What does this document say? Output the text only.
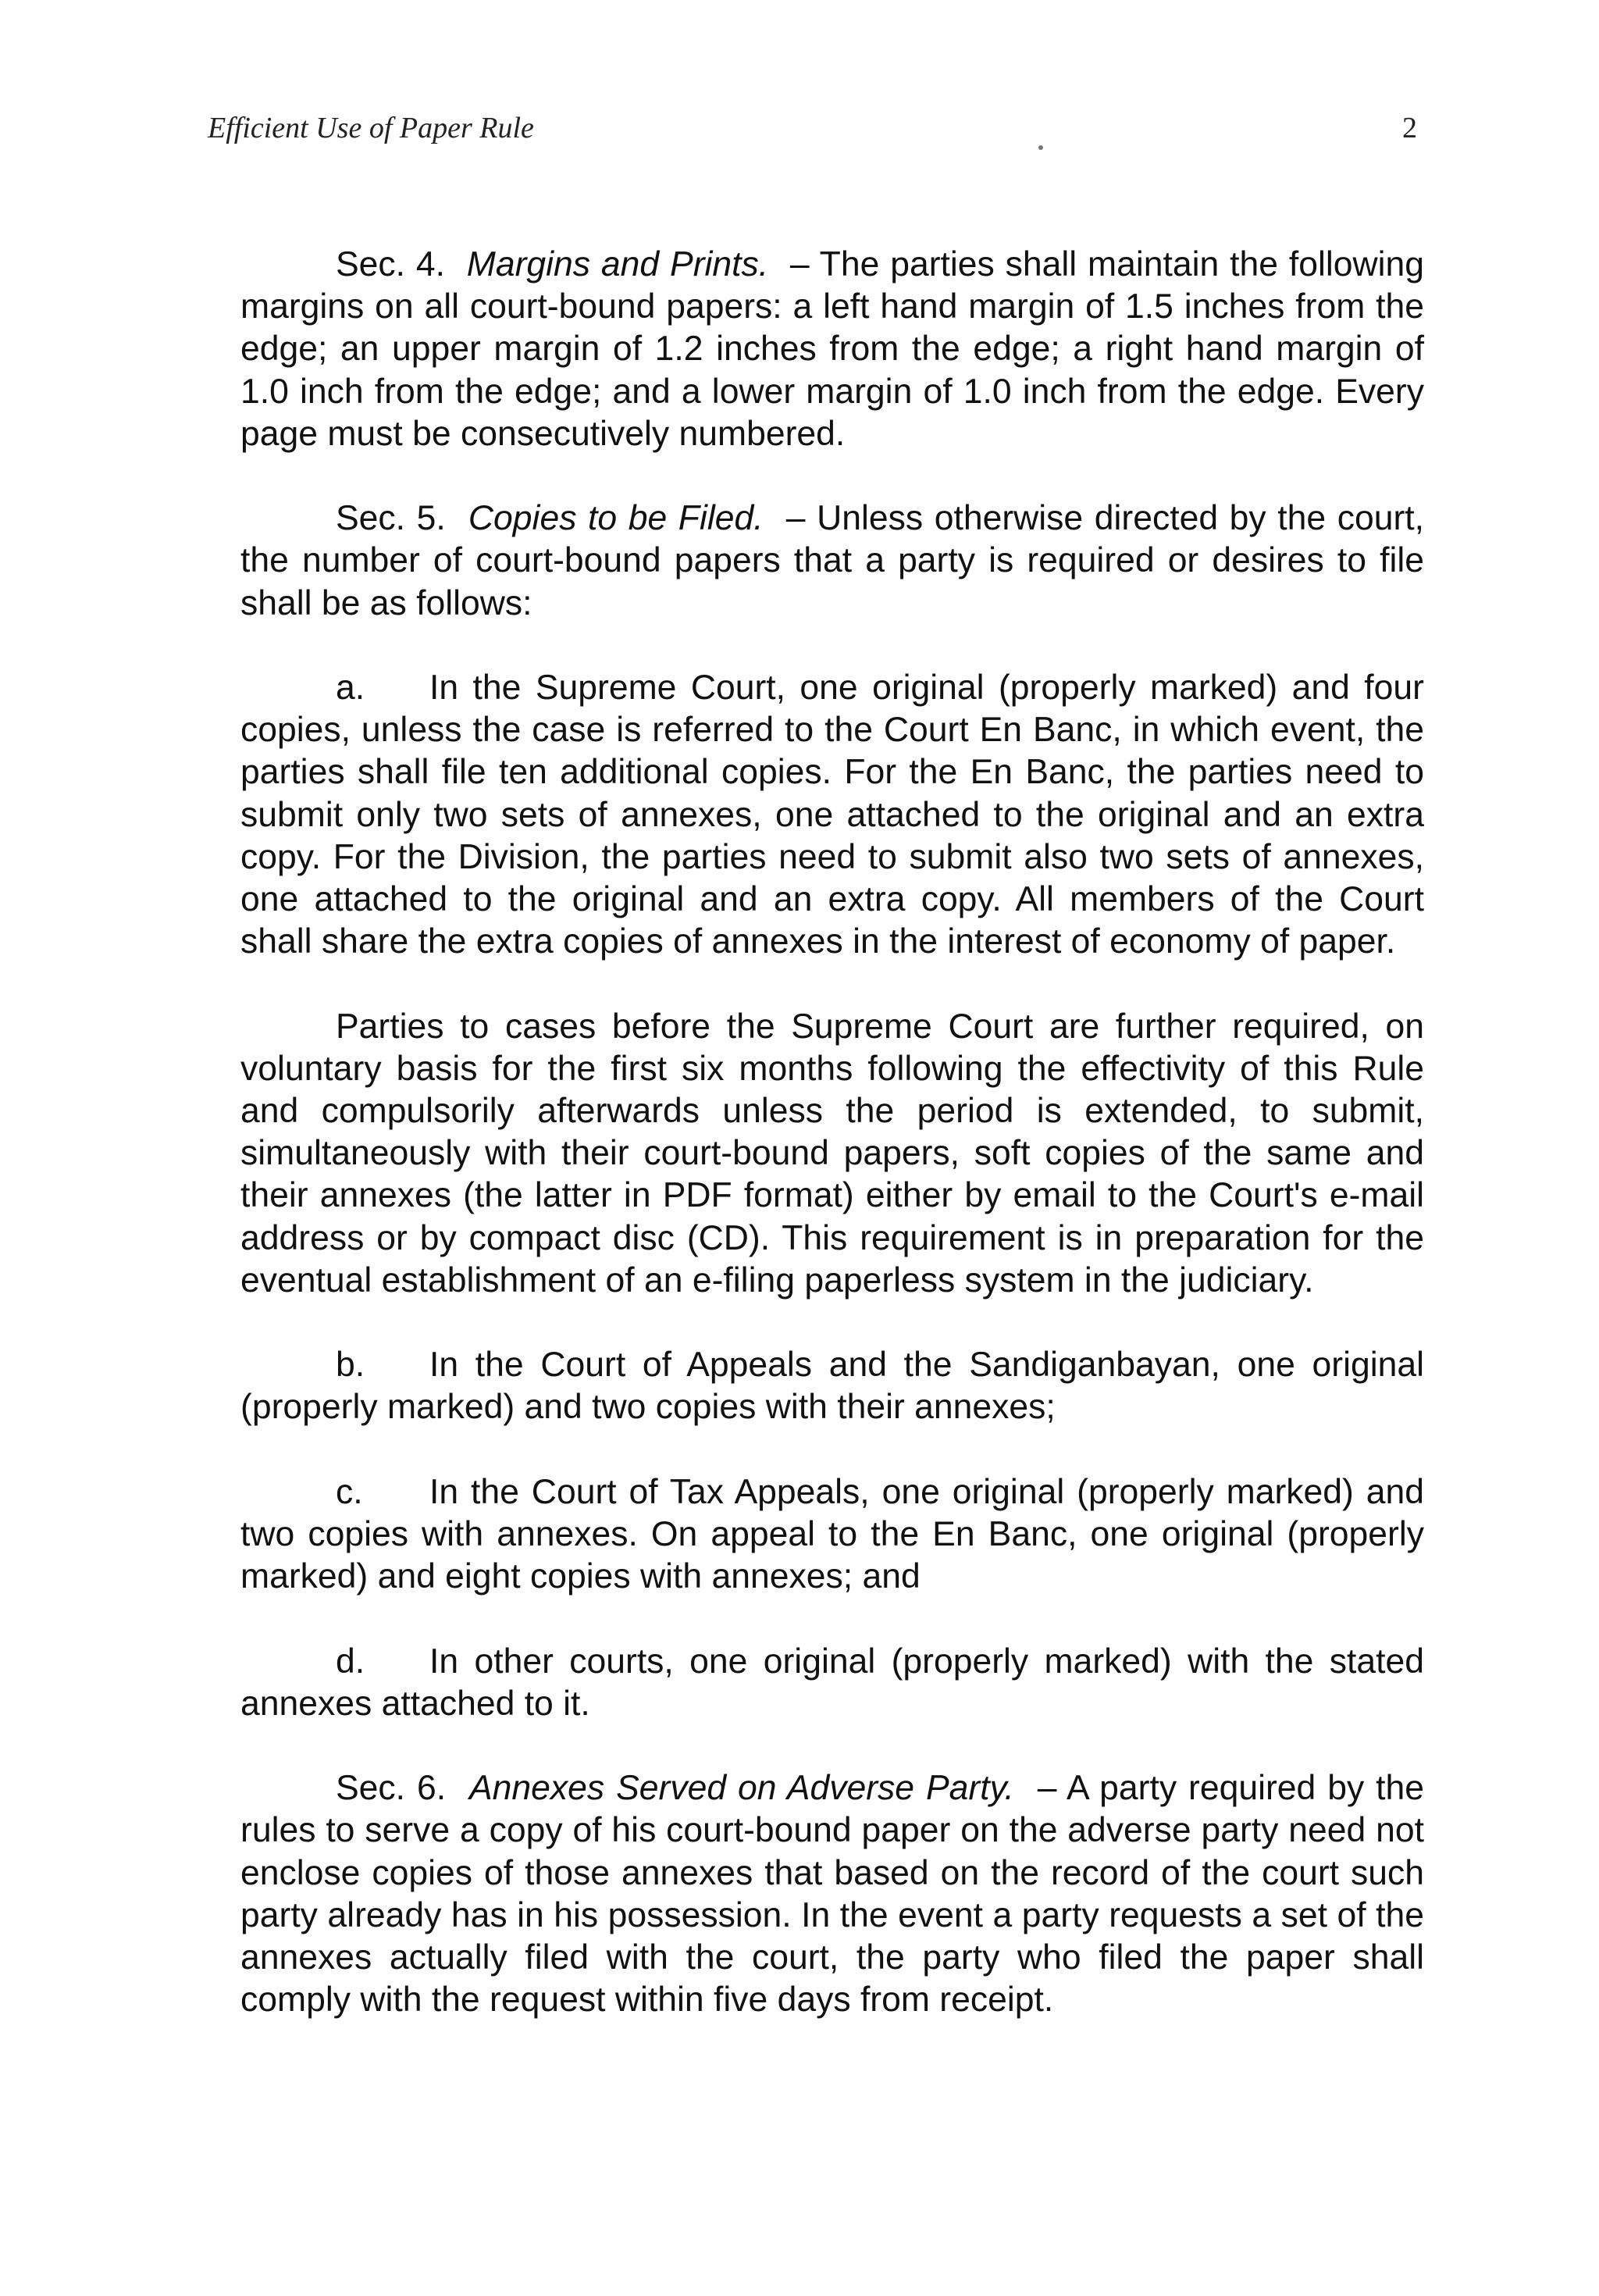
Efficient Use of Paper Rule	2

Sec. 4. Margins and Prints. – The parties shall maintain the following margins on all court-bound papers: a left hand margin of 1.5 inches from the edge; an upper margin of 1.2 inches from the edge; a right hand margin of 1.0 inch from the edge; and a lower margin of 1.0 inch from the edge. Every page must be consecutively numbered.

Sec. 5. Copies to be Filed. – Unless otherwise directed by the court, the number of court-bound papers that a party is required or desires to file shall be as follows:

a. In the Supreme Court, one original (properly marked) and four copies, unless the case is referred to the Court En Banc, in which event, the parties shall file ten additional copies. For the En Banc, the parties need to submit only two sets of annexes, one attached to the original and an extra copy. For the Division, the parties need to submit also two sets of annexes, one attached to the original and an extra copy. All members of the Court shall share the extra copies of annexes in the interest of economy of paper.

Parties to cases before the Supreme Court are further required, on voluntary basis for the first six months following the effectivity of this Rule and compulsorily afterwards unless the period is extended, to submit, simultaneously with their court-bound papers, soft copies of the same and their annexes (the latter in PDF format) either by email to the Court's e-mail address or by compact disc (CD). This requirement is in preparation for the eventual establishment of an e-filing paperless system in the judiciary.

b. In the Court of Appeals and the Sandiganbayan, one original (properly marked) and two copies with their annexes;

c. In the Court of Tax Appeals, one original (properly marked) and two copies with annexes. On appeal to the En Banc, one original (properly marked) and eight copies with annexes; and

d. In other courts, one original (properly marked) with the stated annexes attached to it.

Sec. 6. Annexes Served on Adverse Party. – A party required by the rules to serve a copy of his court-bound paper on the adverse party need not enclose copies of those annexes that based on the record of the court such party already has in his possession. In the event a party requests a set of the annexes actually filed with the court, the party who filed the paper shall comply with the request within five days from receipt.
